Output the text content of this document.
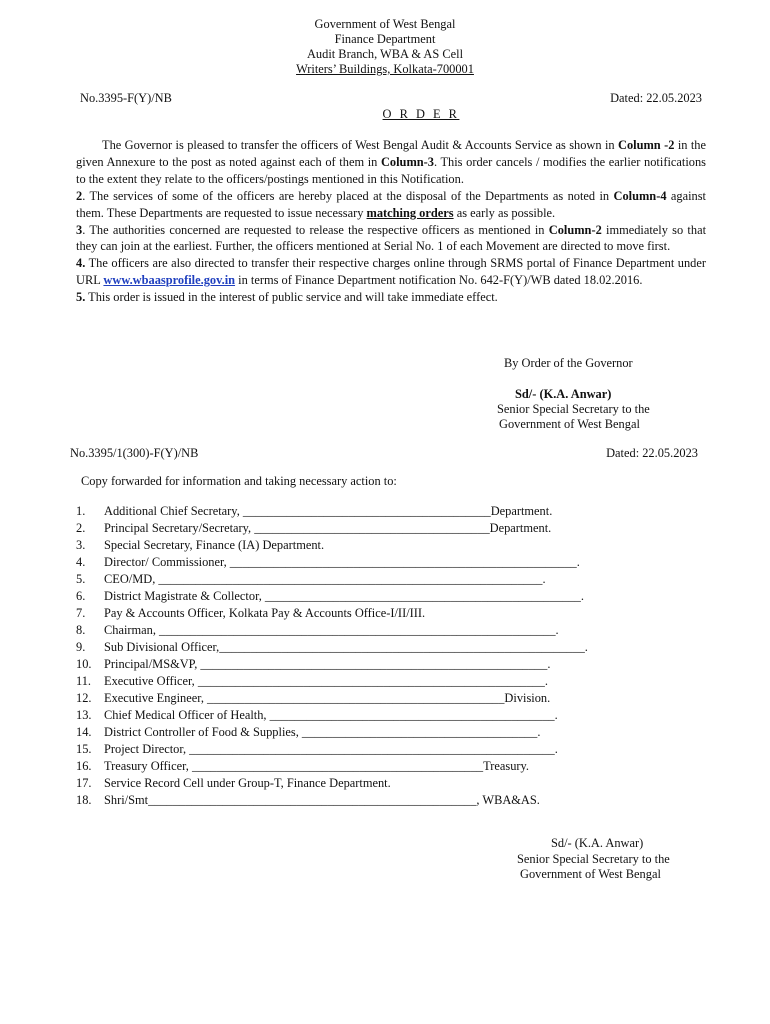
Government of West Bengal
Finance Department
Audit Branch, WBA & AS Cell
Writers’ Buildings, Kolkata-700001
No.3395-F(Y)/NB	Dated: 22.05.2023
O R D E R

The Governor is pleased to transfer the officers of West Bengal Audit & Accounts Service as shown in Column -2 in the given Annexure to the post as noted against each of them in Column-3. This order cancels / modifies the earlier notifications to the extent they relate to the officers/postings mentioned in this Notification.

2. The services of some of the officers are hereby placed at the disposal of the Departments as noted in Column-4 against them. These Departments are requested to issue necessary matching orders as early as possible.

3. The authorities concerned are requested to release the respective officers as mentioned in Column-2 immediately so that they can join at the earliest. Further, the officers mentioned at Serial No. 1 of each Movement are directed to move first.

4. The officers are also directed to transfer their respective charges online through SRMS portal of Finance Department under URL www.wbaasprofile.gov.in in terms of Finance Department notification No. 642-F(Y)/WB dated 18.02.2016.

5. This order is issued in the interest of public service and will take immediate effect.

By Order of the Governor
Sd/- (K.A. Anwar)
Senior Special Secretary to the
Government of West Bengal
No.3395/1(300)-F(Y)/NB	Dated: 22.05.2023
Copy forwarded for information and taking necessary action to:
1.	Additional Chief Secretary, ________________________________________Department.
2.	Principal Secretary/Secretary, ______________________________________Department.
3.	Special Secretary, Finance (IA) Department.
4.	Director/ Commissioner, ________________________________________________________.
5.	CEO/MD, ______________________________________________________________.
6.	District Magistrate & Collector, ___________________________________________________.
7.	Pay & Accounts Officer, Kolkata Pay & Accounts Office-I/II/III.
8.	Chairman, ________________________________________________________________.
9.	Sub Divisional Officer,___________________________________________________________.
10.	Principal/MS&VP, ________________________________________________________.
11.	Executive Officer, ________________________________________________________.
12.	Executive Engineer, ________________________________________________Division.
13.	Chief Medical Officer of Health, ______________________________________________.
14.	District Controller of Food & Supplies, ______________________________________.
15.	Project Director, ___________________________________________________________.
16.	Treasury Officer, _______________________________________________Treasury.
17.	Service Record Cell under Group-T, Finance Department.
18.	Shri/Smt_____________________________________________________, WBA&AS.
Sd/- (K.A. Anwar)
Senior Special Secretary to the
Government of West Bengal
